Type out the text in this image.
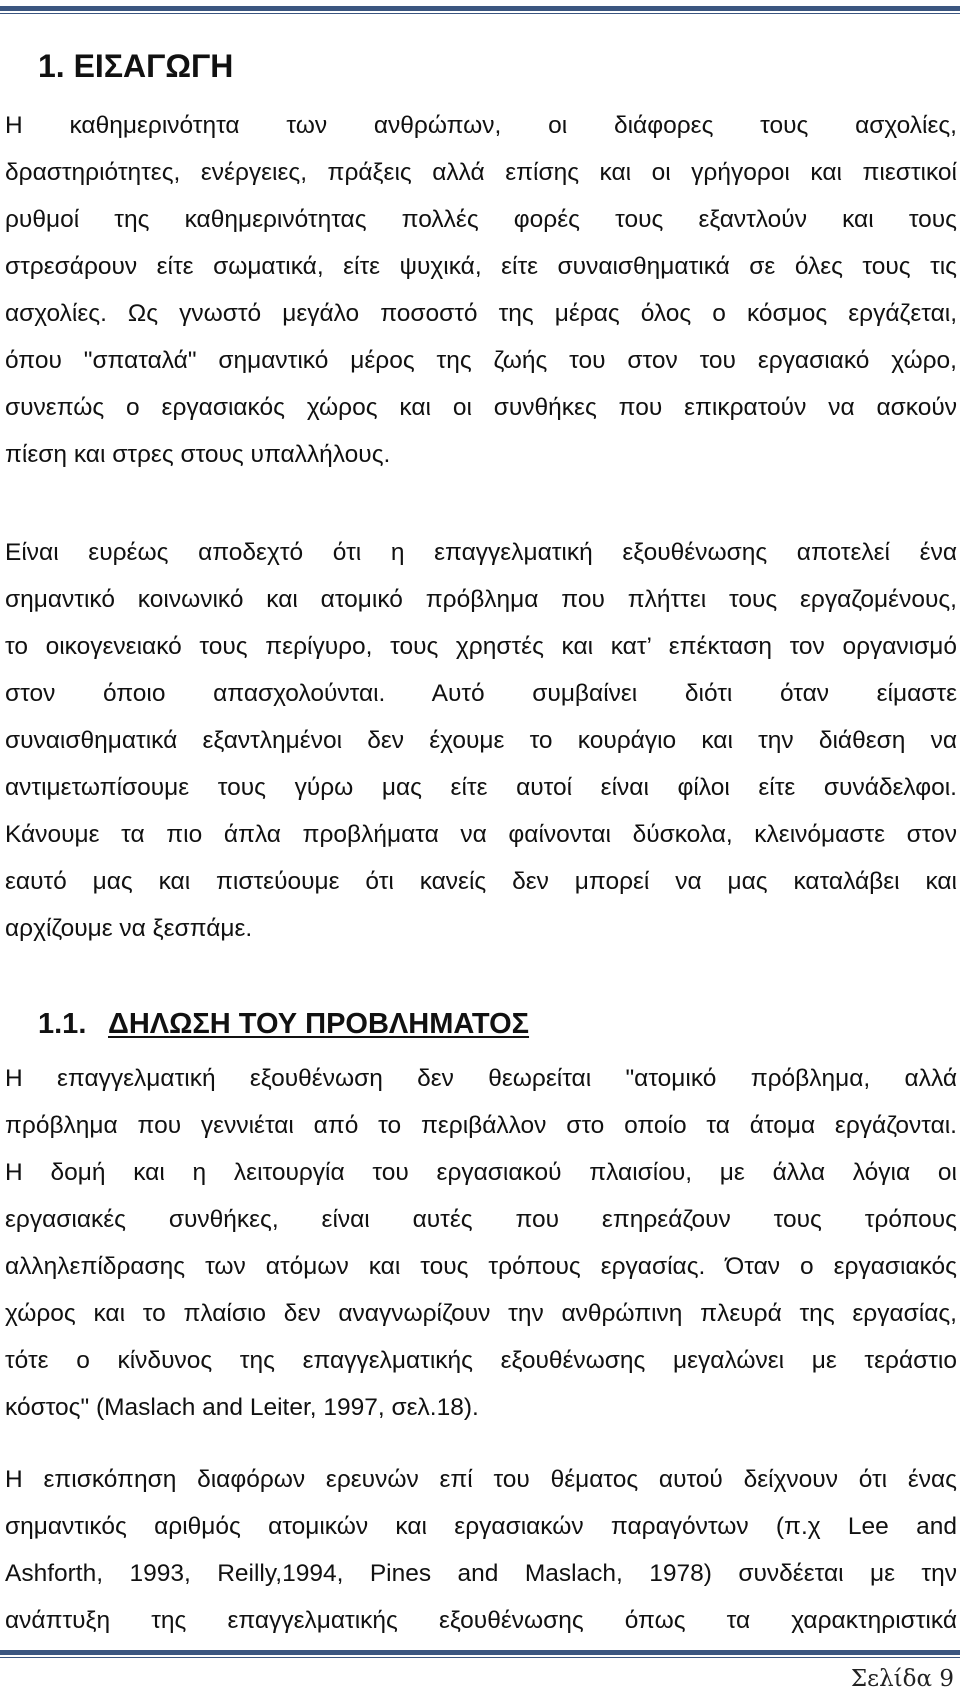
1. ΕΙΣΑΓΩΓΗ

Η καθημερινότητα των ανθρώπων, οι διάφορες τους ασχολίες,
δραστηριότητες, ενέργειες, πράξεις αλλά επίσης και οι γρήγοροι και πιεστικοί
ρυθμοί της καθημερινότητας πολλές φορές τους εξαντλούν και τους
στρεσάρουν είτε σωματικά, είτε ψυχικά, είτε συναισθηματικά σε όλες τους τις
ασχολίες. Ως γνωστό μεγάλο ποσοστό της μέρας όλος ο κόσμος εργάζεται,
όπου "σπαταλά" σημαντικό μέρος της ζωής του στον του εργασιακό χώρο,
συνεπώς ο εργασιακός χώρος και οι συνθήκες που επικρατούν να ασκούν
πίεση και στρες στους υπαλλήλους.

Είναι ευρέως αποδεχτό ότι η επαγγελματική εξουθένωσης αποτελεί ένα
σημαντικό κοινωνικό και ατομικό πρόβλημα που πλήττει τους εργαζομένους,
το οικογενειακό τους περίγυρο, τους χρηστές και κατ’ επέκταση τον οργανισμό
στον όποιο απασχολούνται. Αυτό συμβαίνει διότι όταν είμαστε
συναισθηματικά εξαντλημένοι δεν έχουμε το κουράγιο και την διάθεση να
αντιμετωπίσουμε τους γύρω μας είτε αυτοί είναι φίλοι είτε συνάδελφοι.
Κάνουμε τα πιο άπλα προβλήματα να φαίνονται δύσκολα, κλεινόμαστε στον
εαυτό μας και πιστεύουμε ότι κανείς δεν μπορεί να μας καταλάβει και
αρχίζουμε να ξεσπάμε.

1.1. ΔΗΛΩΣΗ ΤΟΥ ΠΡΟΒΛΗΜΑΤΟΣ

Η επαγγελματική εξουθένωση δεν θεωρείται "ατομικό πρόβλημα, αλλά
πρόβλημα που γεννιέται από το περιβάλλον στο οποίο τα άτομα εργάζονται.
Η δομή και η λειτουργία του εργασιακού πλαισίου, με άλλα λόγια οι
εργασιακές συνθήκες, είναι αυτές που επηρεάζουν τους τρόπους
αλληλεπίδρασης των ατόμων και τους τρόπους εργασίας. Όταν ο εργασιακός
χώρος και το πλαίσιο δεν αναγνωρίζουν την ανθρώπινη πλευρά της εργασίας,
τότε ο κίνδυνος της επαγγελματικής εξουθένωσης μεγαλώνει με τεράστιο
κόστος" (Maslach and Leiter, 1997, σελ.18).

Η επισκόπηση διαφόρων ερευνών επί του θέματος αυτού δείχνουν ότι ένας
σημαντικός αριθμός ατομικών και εργασιακών παραγόντων (π.χ Lee and
Ashforth, 1993, Reilly,1994, Pines and Maslach, 1978) συνδέεται με την
ανάπτυξη της επαγγελματικής εξουθένωσης όπως τα χαρακτηριστικά

Σελίδα 9
